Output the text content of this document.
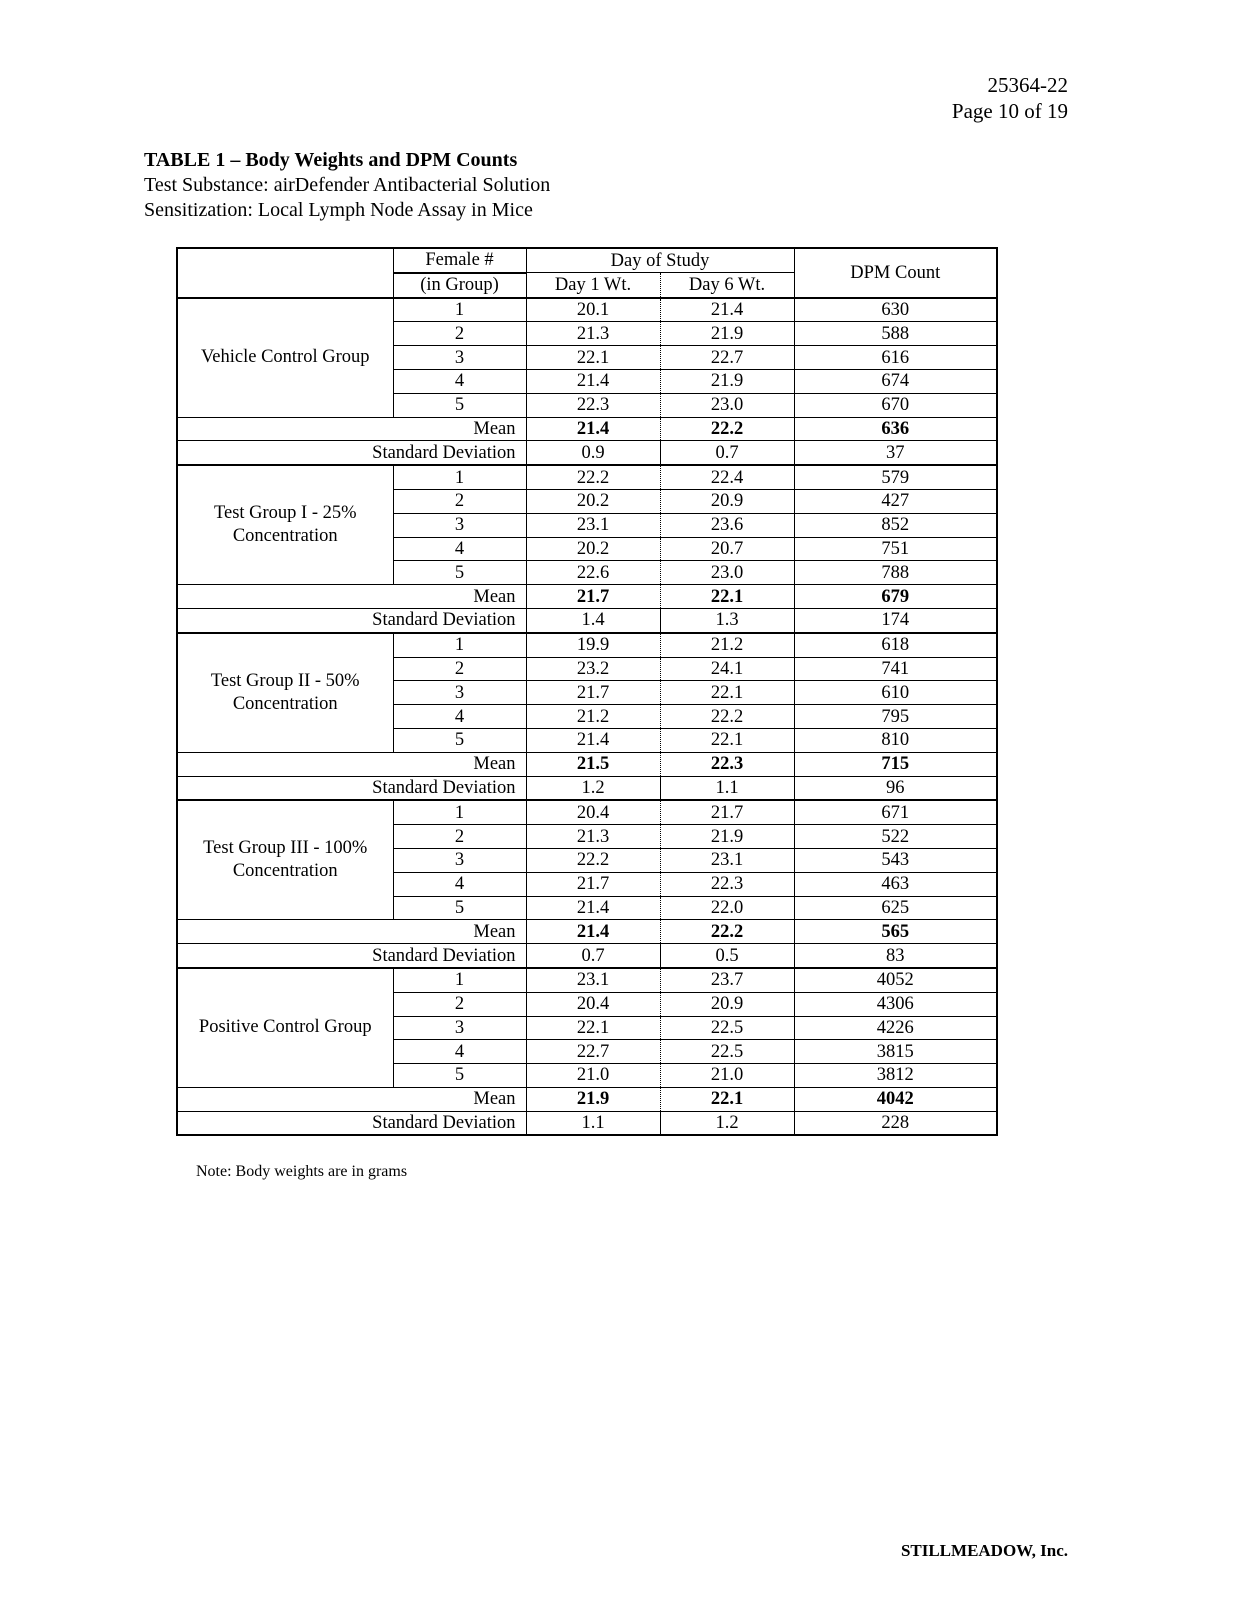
25364-22
Page 10 of 19
TABLE 1 – Body Weights and DPM Counts
Test Substance: airDefender Antibacterial Solution
Sensitization: Local Lymph Node Assay in Mice
	Female #	Day of Study		DPM Count
	(in Group)	Day 1 Wt.	Day 6 Wt.	
Vehicle Control Group	1	20.1	21.4	630
	2	21.3	21.9	588
	3	22.1	22.7	616
	4	21.4	21.9	674
	5	22.3	23.0	670
Mean		21.4	22.2	636
Standard Deviation		0.9	0.7	37
Test Group I - 25%
Concentration	1	22.2	22.4	579
	2	20.2	20.9	427
	3	23.1	23.6	852
	4	20.2	20.7	751
	5	22.6	23.0	788
Mean		21.7	22.1	679
Standard Deviation		1.4	1.3	174
Test Group II - 50%
Concentration	1	19.9	21.2	618
	2	23.2	24.1	741
	3	21.7	22.1	610
	4	21.2	22.2	795
	5	21.4	22.1	810
Mean		21.5	22.3	715
Standard Deviation		1.2	1.1	96
Test Group III - 100%
Concentration	1	20.4	21.7	671
	2	21.3	21.9	522
	3	22.2	23.1	543
	4	21.7	22.3	463
	5	21.4	22.0	625
Mean		21.4	22.2	565
Standard Deviation		0.7	0.5	83
Positive Control Group	1	23.1	23.7	4052
	2	20.4	20.9	4306
	3	22.1	22.5	4226
	4	22.7	22.5	3815
	5	21.0	21.0	3812
Mean		21.9	22.1	4042
Standard Deviation		1.1	1.2	228
Note: Body weights are in grams
STILLMEADOW, Inc.
